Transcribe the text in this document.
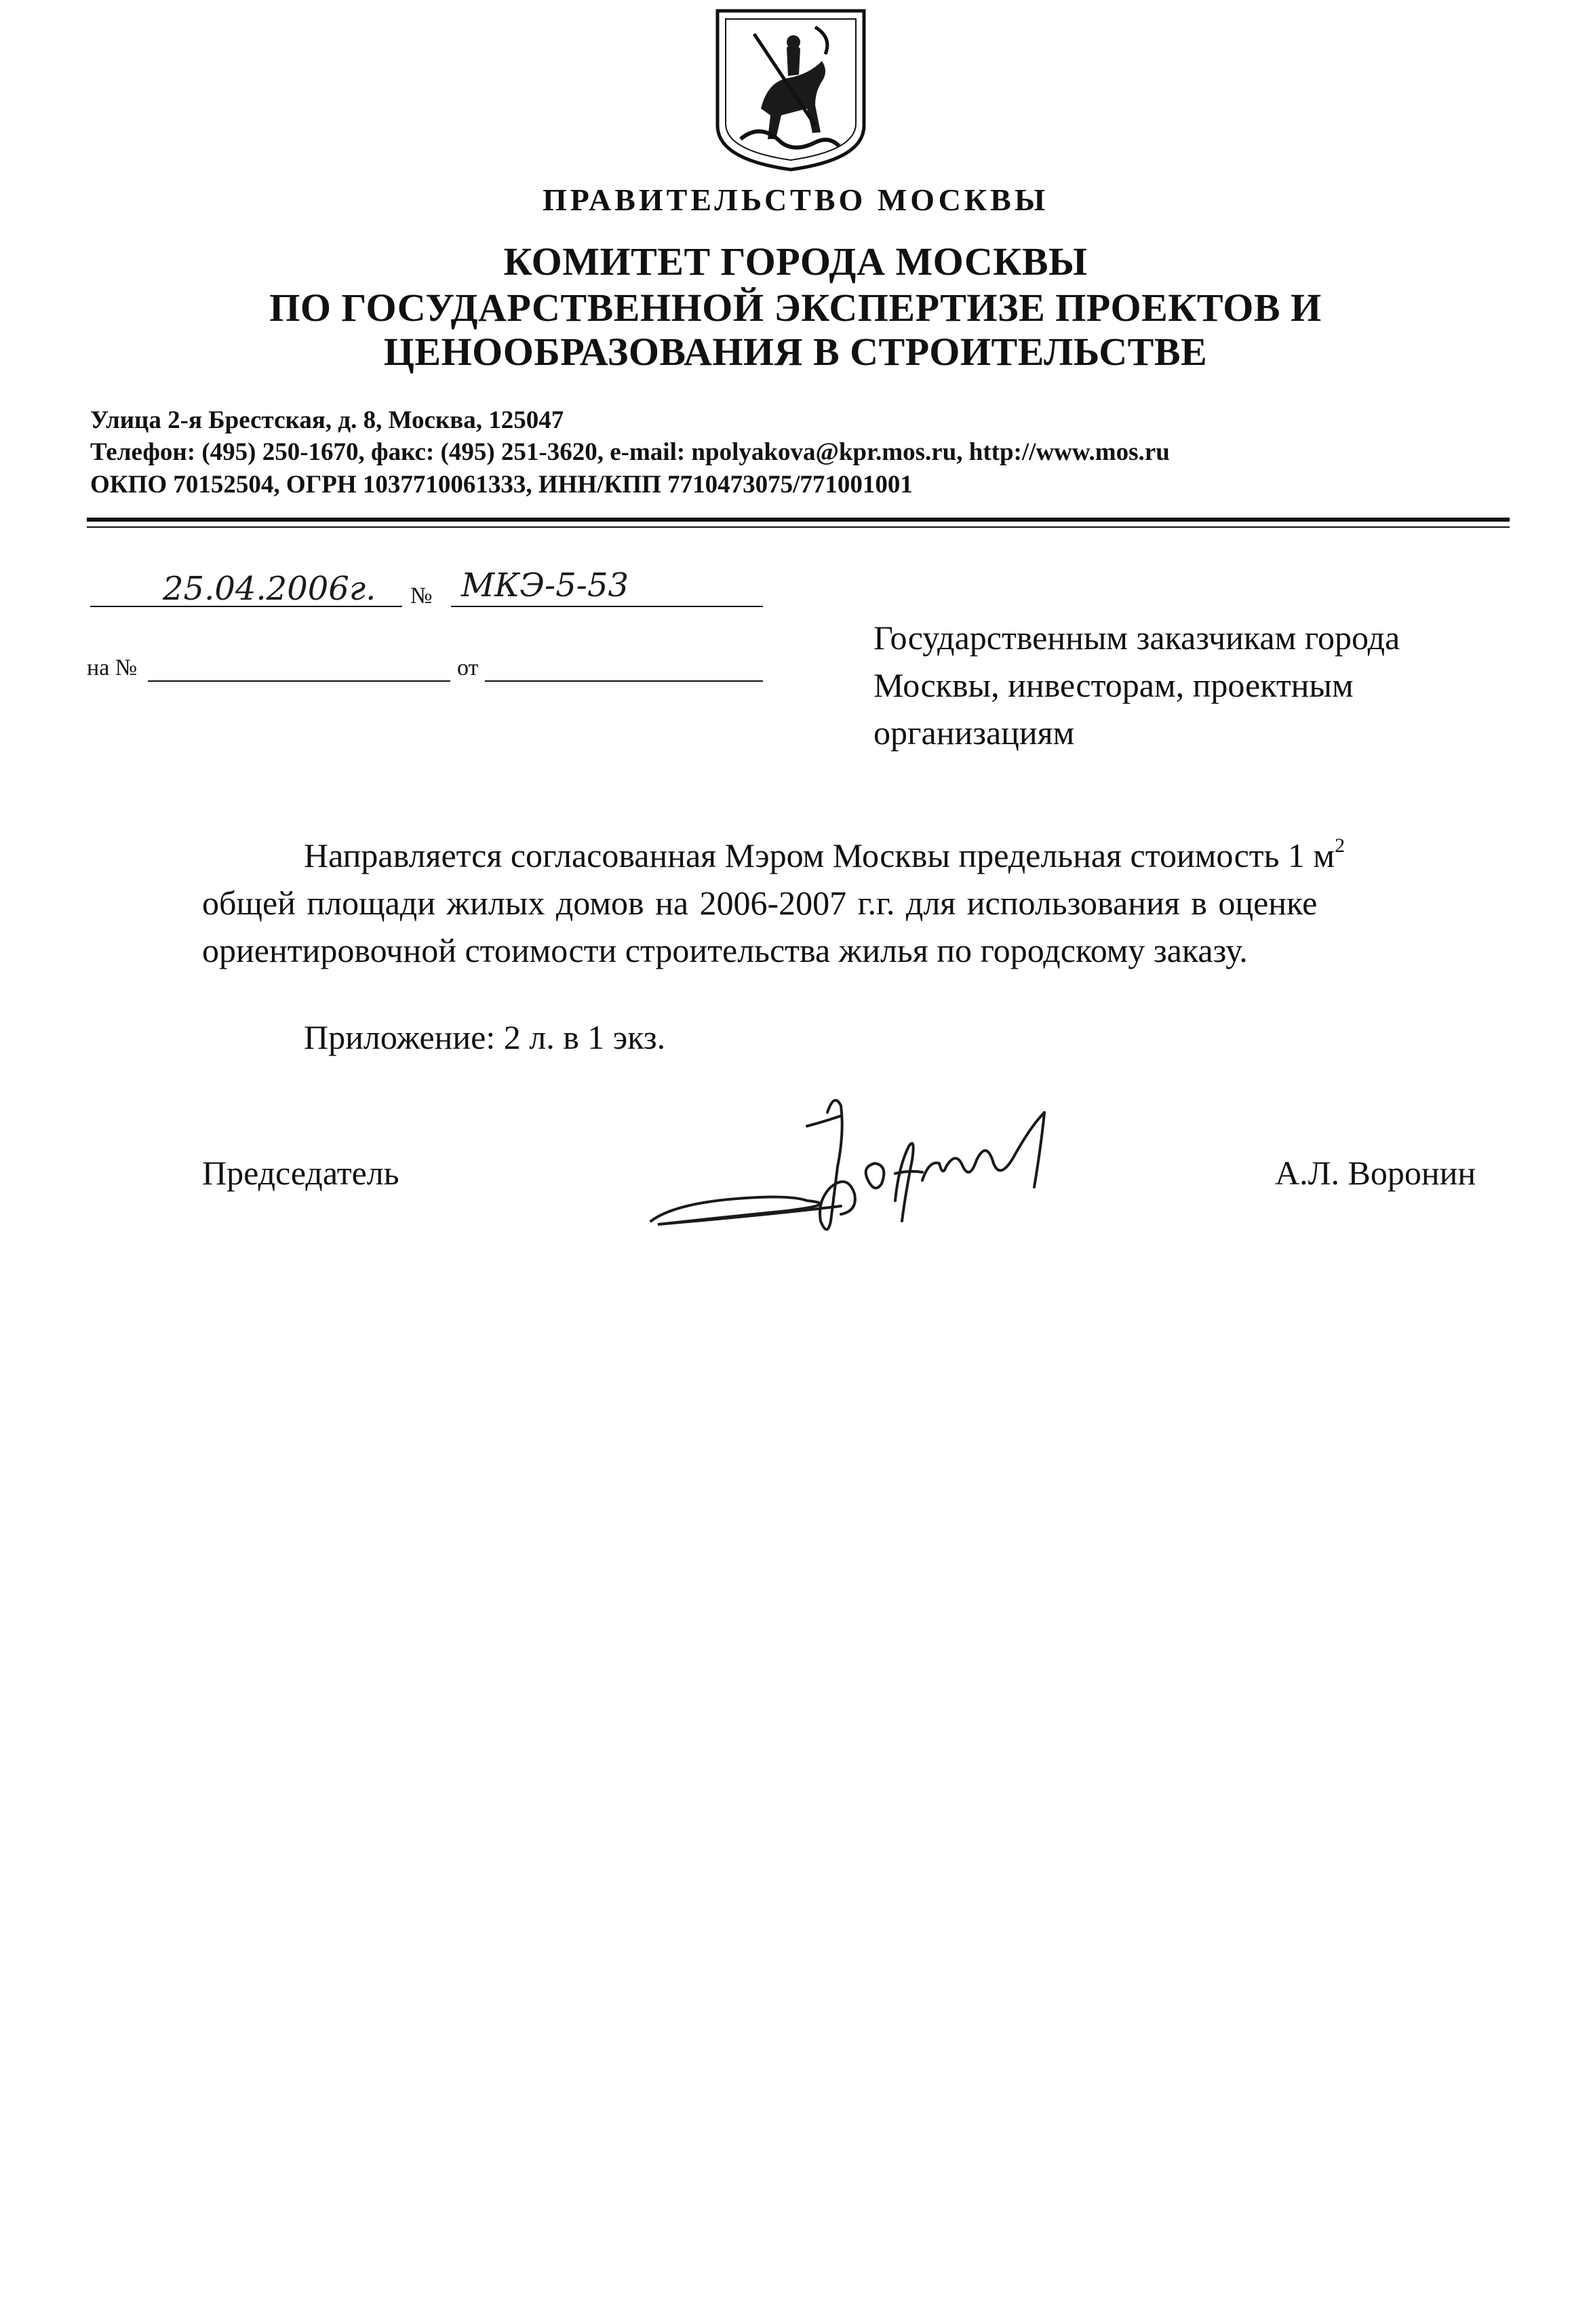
ПРАВИТЕЛЬСТВО МОСКВЫ
КОМИТЕТ ГОРОДА МОСКВЫ
ПО ГОСУДАРСТВЕННОЙ ЭКСПЕРТИЗЕ ПРОЕКТОВ И
ЦЕНООБРАЗОВАНИЯ В СТРОИТЕЛЬСТВЕ
Улица 2-я Брестская, д. 8, Москва, 125047
Телефон: (495) 250-1670, факс: (495) 251-3620, e-mail: npolyakova@kpr.mos.ru, http://www.mos.ru
ОКПО 70152504, ОГРН 1037710061333, ИНН/КПП 7710473075/771001001
25.04.2006г. № МКЭ-5-53
на №	от
Государственным заказчикам города Москвы, инвесторам, проектным организациям
Направляется согласованная Мэром Москвы предельная стоимость 1 $м^2$
общей площади жилых домов на 2006-2007 г.г. для использования в оценке
ориентировочной стоимости строительства жилья по городскому заказу.
Приложение: 2 л. в 1 экз.
Председатель	А.Л. Воронин
